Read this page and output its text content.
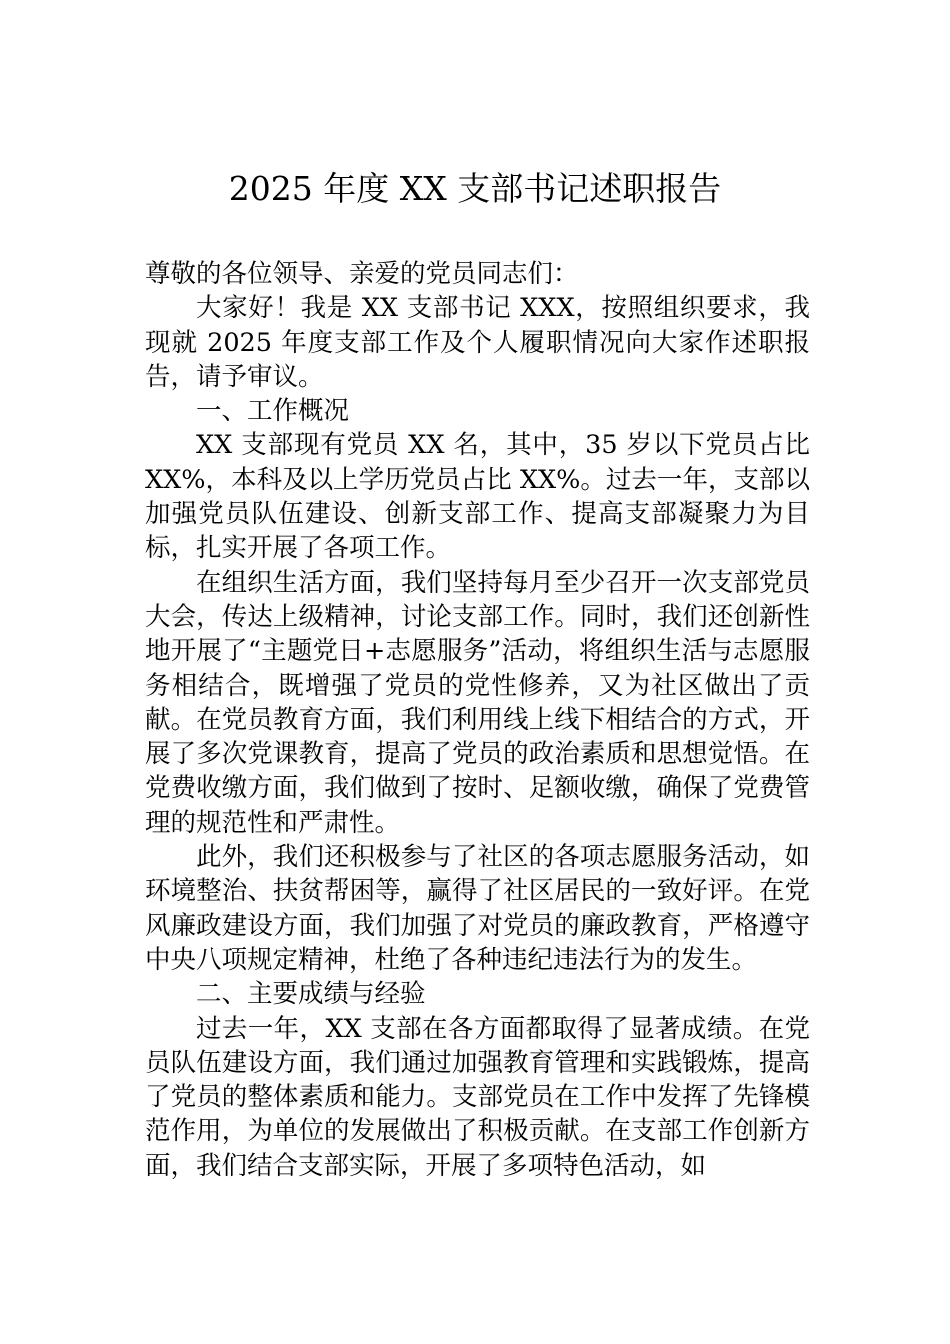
2025 年度 XX 支部书记述职报告

尊敬的各位领导、亲爱的党员同志们：

大家好！我是 XX 支部书记 XXX，按照组织要求，我现就 2025 年度支部工作及个人履职情况向大家作述职报告，请予审议。

一、工作概况

XX 支部现有党员 XX 名，其中，35 岁以下党员占比 XX%，本科及以上学历党员占比 XX%。过去一年，支部以加强党员队伍建设、创新支部工作、提高支部凝聚力为目标，扎实开展了各项工作。

在组织生活方面，我们坚持每月至少召开一次支部党员大会，传达上级精神，讨论支部工作。同时，我们还创新性地开展了“主题党日+志愿服务”活动，将组织生活与志愿服务相结合，既增强了党员的党性修养，又为社区做出了贡献。在党员教育方面，我们利用线上线下相结合的方式，开展了多次党课教育，提高了党员的政治素质和思想觉悟。在党费收缴方面，我们做到了按时、足额收缴，确保了党费管理的规范性和严肃性。

此外，我们还积极参与了社区的各项志愿服务活动，如环境整治、扶贫帮困等，赢得了社区居民的一致好评。在党风廉政建设方面，我们加强了对党员的廉政教育，严格遵守中央八项规定精神，杜绝了各种违纪违法行为的发生。

二、主要成绩与经验

过去一年，XX 支部在各方面都取得了显著成绩。在党员队伍建设方面，我们通过加强教育管理和实践锻炼，提高了党员的整体素质和能力。支部党员在工作中发挥了先锋模范作用，为单位的发展做出了积极贡献。在支部工作创新方面，我们结合支部实际，开展了多项特色活动，如
